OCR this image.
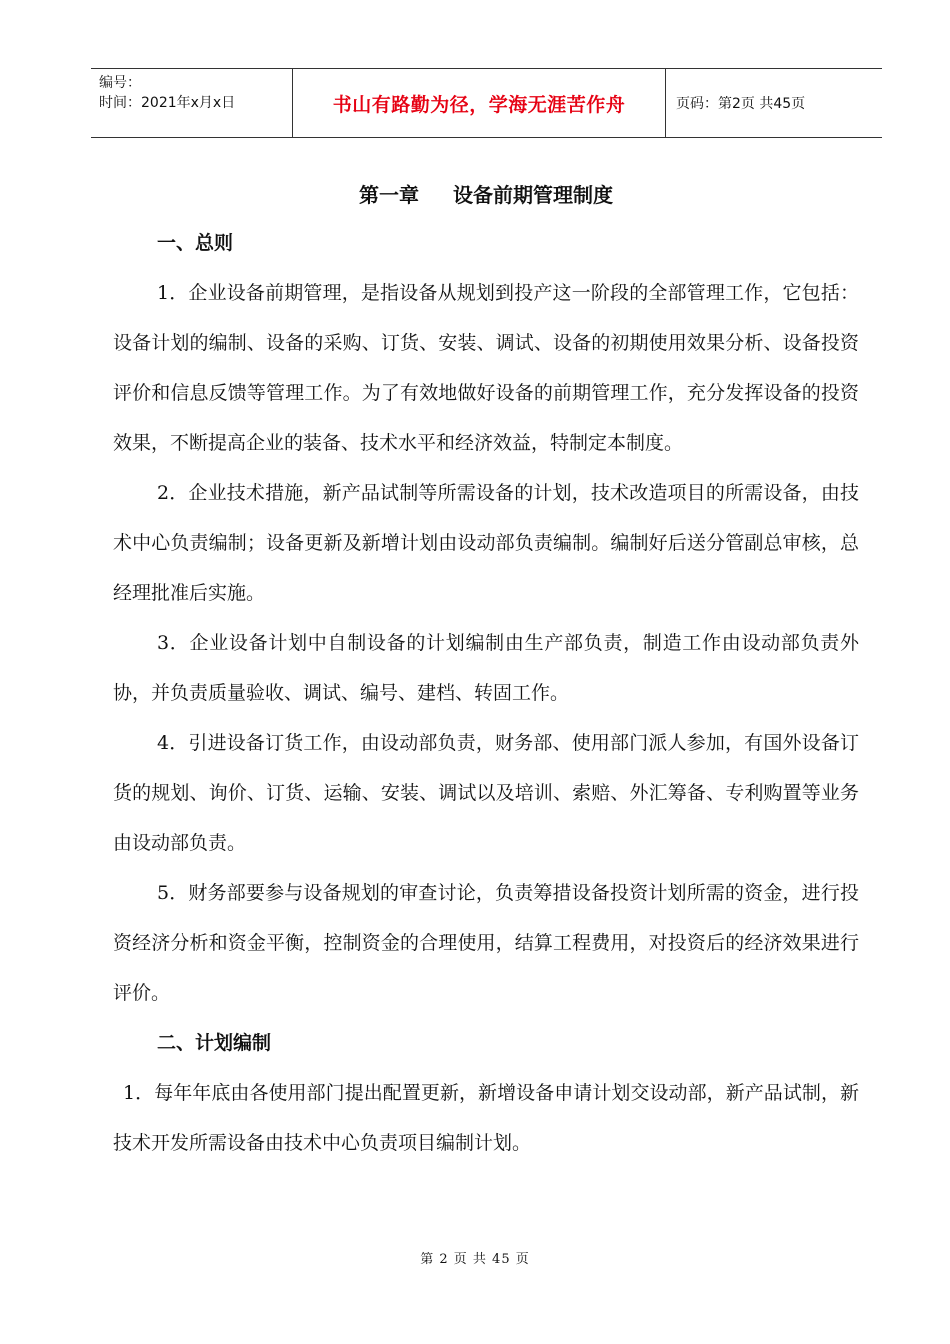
编号：
时间：2021年x月x日	书山有路勤为径，学海无涯苦作舟	页码：第2页 共45页
第一章 设备前期管理制度
一、总则

1．企业设备前期管理，是指设备从规划到投产这一阶段的全部管理工作，它包括：设备计划的编制、设备的采购、订货、安装、调试、设备的初期使用效果分析、设备投资评价和信息反馈等管理工作。为了有效地做好设备的前期管理工作，充分发挥设备的投资效果，不断提高企业的装备、技术水平和经济效益，特制定本制度。

2．企业技术措施，新产品试制等所需设备的计划，技术改造项目的所需设备，由技术中心负责编制；设备更新及新增计划由设动部负责编制。编制好后送分管副总审核，总经理批准后实施。

3．企业设备计划中自制设备的计划编制由生产部负责，制造工作由设动部负责外协，并负责质量验收、调试、编号、建档、转固工作。

4．引进设备订货工作，由设动部负责，财务部、使用部门派人参加，有国外设备订货的规划、询价、订货、运输、安装、调试以及培训、索赔、外汇筹备、专利购置等业务由设动部负责。

5．财务部要参与设备规划的审查讨论，负责筹措设备投资计划所需的资金，进行投资经济分析和资金平衡，控制资金的合理使用，结算工程费用，对投资后的经济效果进行评价。

二、计划编制

1．每年年底由各使用部门提出配置更新，新增设备申请计划交设动部，新产品试制，新技术开发所需设备由技术中心负责项目编制计划。

第 2 页 共 45 页
